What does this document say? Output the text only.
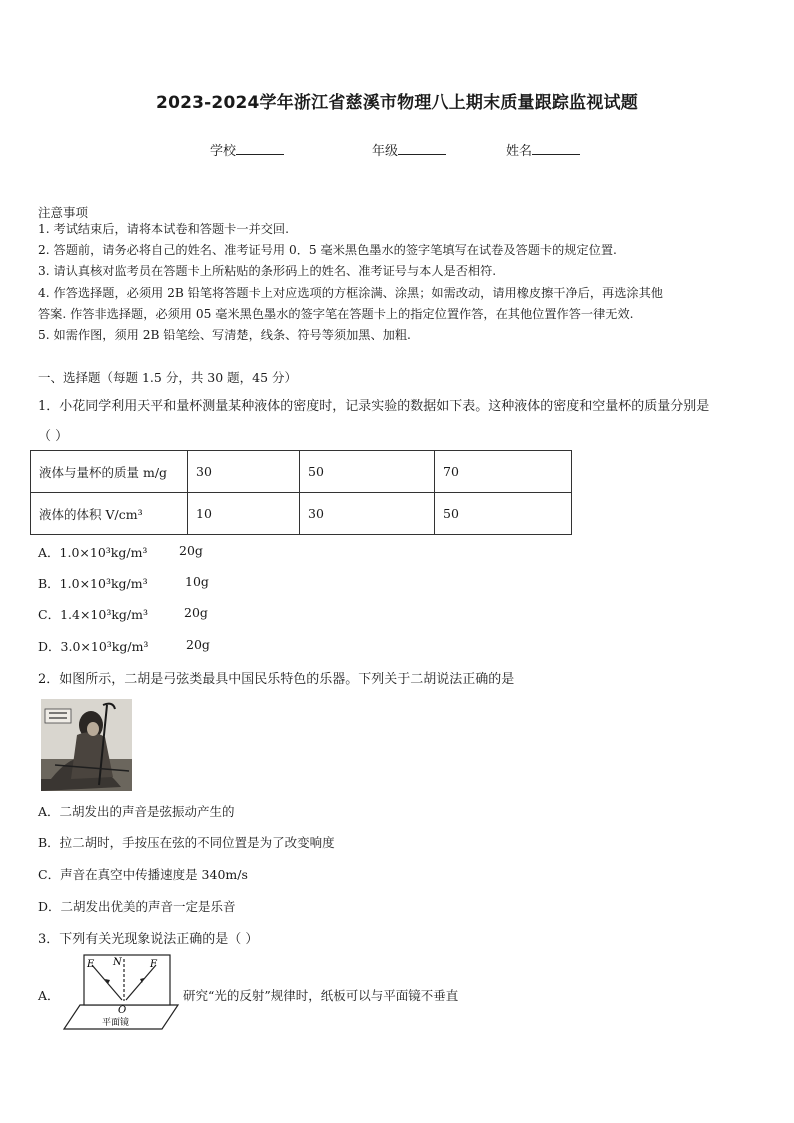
2023-2024学年浙江省慈溪市物理八上期末质量跟踪监视试题
学校	年级	姓名
注意事项
1. 考试结束后，请将本试卷和答题卡一并交回.
2. 答题前，请务必将自己的姓名、准考证号用 0．5 毫米黑色墨水的签字笔填写在试卷及答题卡的规定位置.
3. 请认真核对监考员在答题卡上所粘贴的条形码上的姓名、准考证号与本人是否相符.
4. 作答选择题，必须用 2B 铅笔将答题卡上对应选项的方框涂满、涂黑；如需改动，请用橡皮擦干净后，再选涂其他
答案. 作答非选择题，必须用 05 毫米黑色墨水的签字笔在答题卡上的指定位置作答，在其他位置作答一律无效.
5. 如需作图，须用 2B 铅笔绘、写清楚，线条、符号等须加黑、加粗.
一、选择题（每题 1.5 分，共 30 题，45 分）
1．小花同学利用天平和量杯测量某种液体的密度时，记录实验的数据如下表。这种液体的密度和空量杯的质量分别是
（ ）
液体与量杯的质量 m/g	30	50	70
液体的体积 V/cm³	10	30	50
A．1.0×10³kg/m³	20g
B．1.0×10³kg/m³	10g
C．1.4×10³kg/m³	20g
D．3.0×10³kg/m³	20g
2．如图所示，二胡是弓弦类最具中国民乐特色的乐器。下列关于二胡说法正确的是
A．二胡发出的声音是弦振动产生的
B．拉二胡时，手按压在弦的不同位置是为了改变响度
C．声音在真空中传播速度是 340m/s
D．二胡发出优美的声音一定是乐音
3．下列有关光现象说法正确的是（ ）
A．
E N	F
O
平面镜
研究“光的反射”规律时，纸板可以与平面镜不垂直
